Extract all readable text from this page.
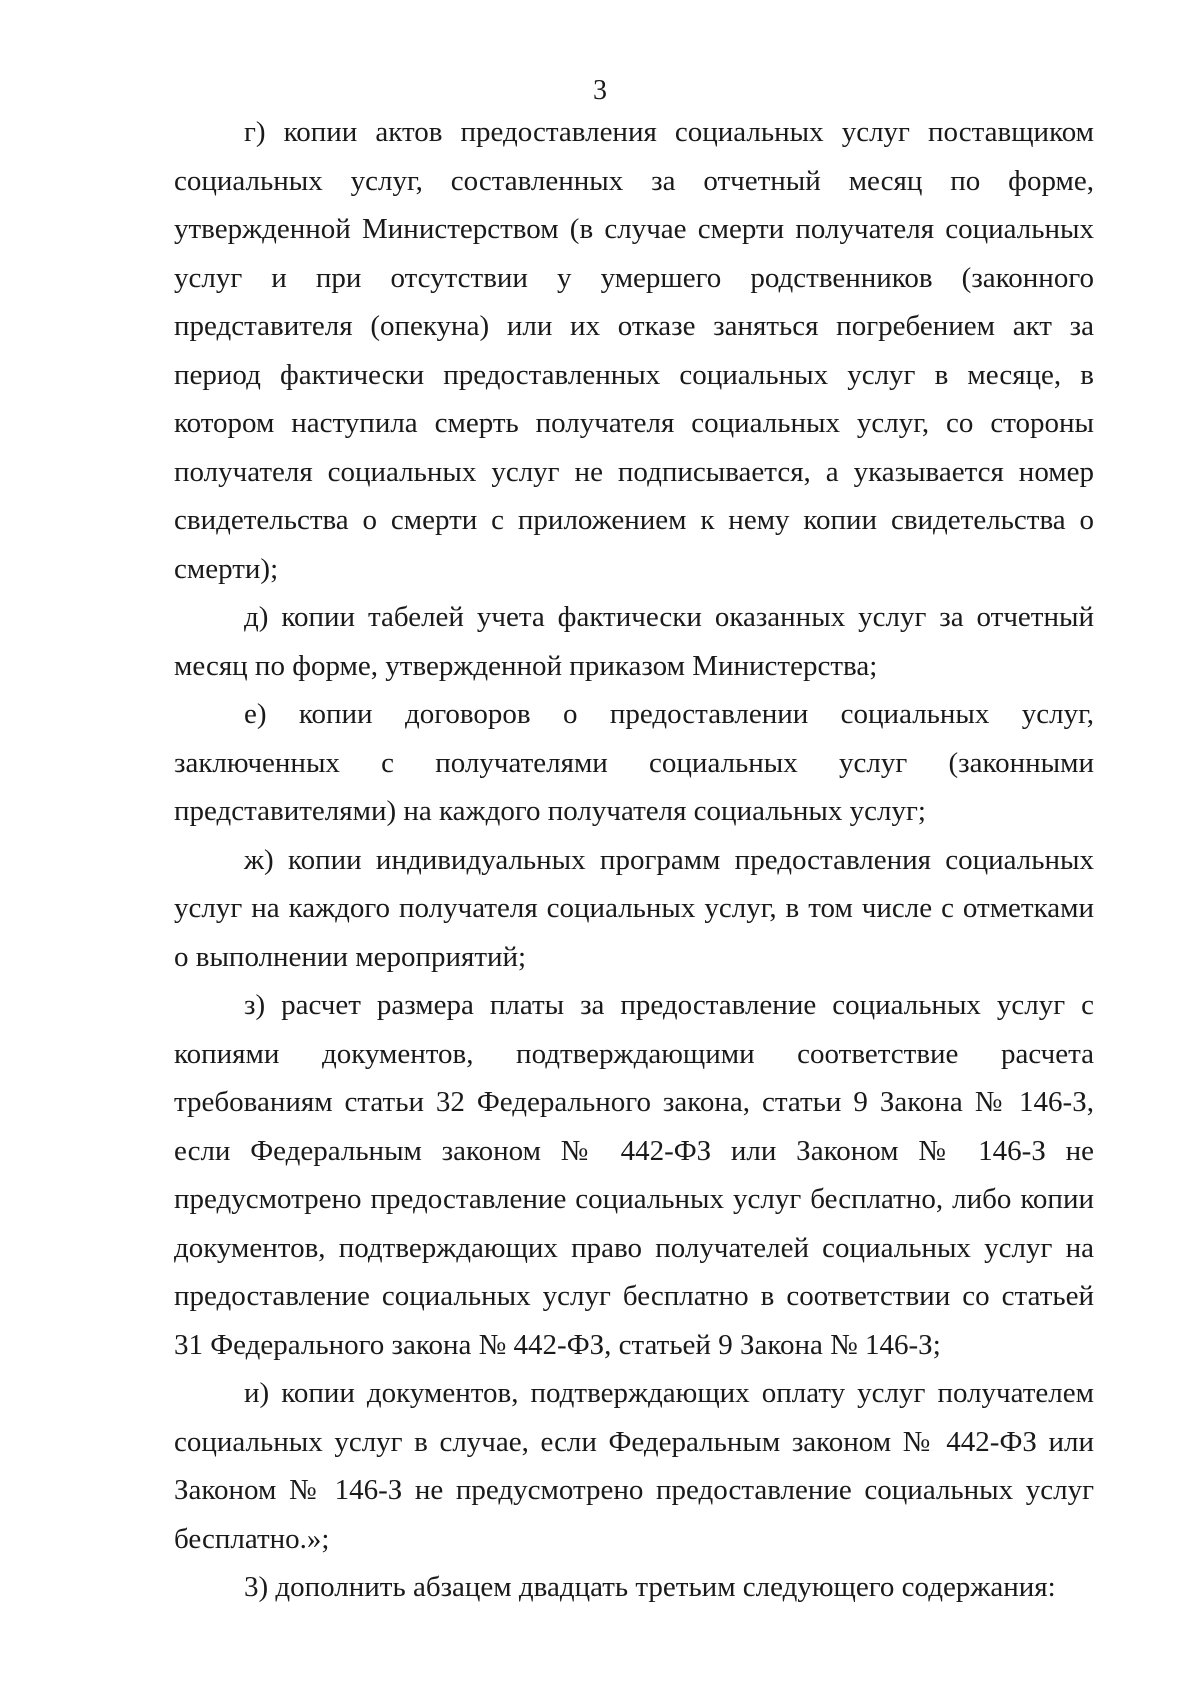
3

г) копии актов предоставления социальных услуг поставщиком социальных услуг, составленных за отчетный месяц по форме, утвержденной Министерством (в случае смерти получателя социальных услуг и при отсутствии у умершего родственников (законного представителя (опекуна) или их отказе заняться погребением акт за период фактически предоставленных социальных услуг в месяце, в котором наступила смерть получателя социальных услуг, со стороны получателя социальных услуг не подписывается, а указывается номер свидетельства о смерти с приложением к нему копии свидетельства о смерти);

д) копии табелей учета фактически оказанных услуг за отчетный месяц по форме, утвержденной приказом Министерства;

е) копии договоров о предоставлении социальных услуг, заключенных с получателями социальных услуг (законными представителями) на каждого получателя социальных услуг;

ж) копии индивидуальных программ предоставления социальных услуг на каждого получателя социальных услуг, в том числе с отметками о выполнении мероприятий;

з) расчет размера платы за предоставление социальных услуг с копиями документов, подтверждающими соответствие расчета требованиям статьи 32 Федерального закона, статьи 9 Закона № 146-З, если Федеральным законом № 442-ФЗ или Законом № 146-З не предусмотрено предоставление социальных услуг бесплатно, либо копии документов, подтверждающих право получателей социальных услуг на предоставление социальных услуг бесплатно в соответствии со статьей 31 Федерального закона № 442-ФЗ, статьей 9 Закона № 146-З;

и) копии документов, подтверждающих оплату услуг получателем социальных услуг в случае, если Федеральным законом № 442-ФЗ или Законом № 146-З не предусмотрено предоставление социальных услуг бесплатно.»;

3) дополнить абзацем двадцать третьим следующего содержания:
